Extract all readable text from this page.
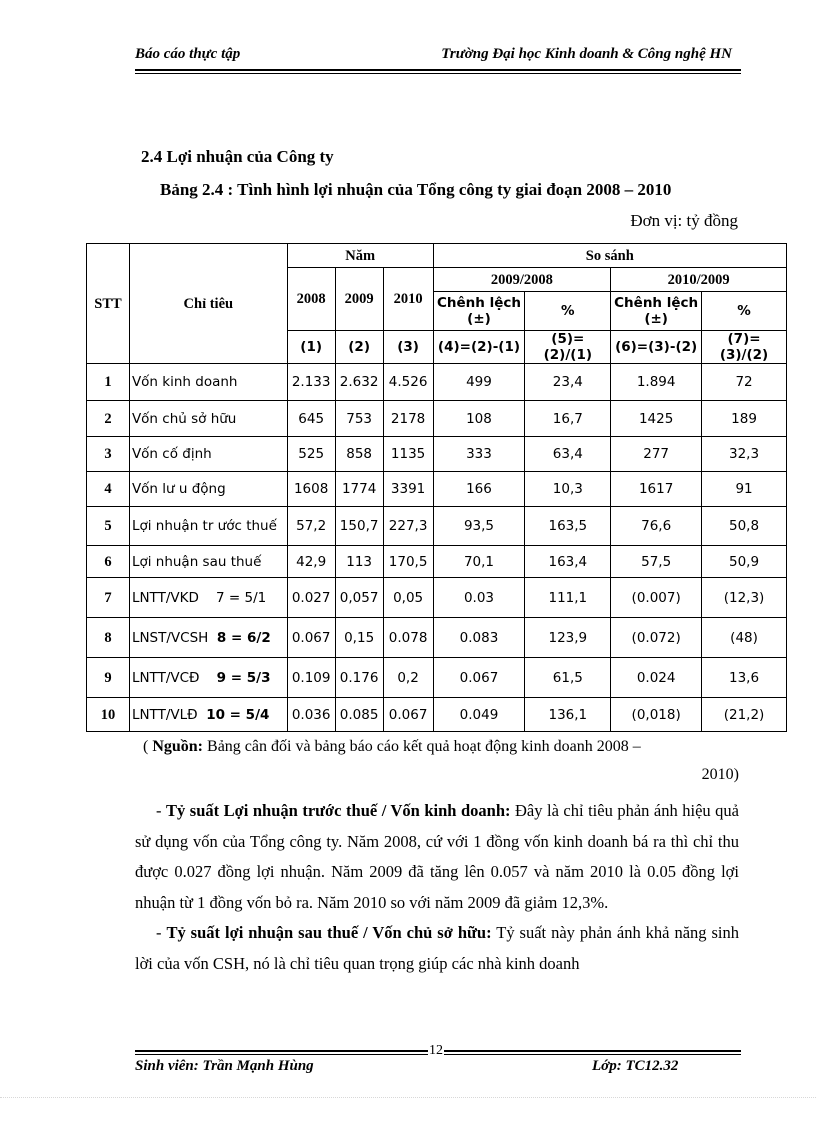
Báo cáo thực tập	Trường Đại học Kinh doanh & Công nghệ HN
2.4 Lợi nhuận của Công ty
Bảng 2.4 : Tình hình lợi nhuận của Tổng công ty giai đoạn 2008 – 2010
Đơn vị: tỷ đồng
STT	Chỉ tiêu	Năm			So sánh			
		2008	2009	2010	2009/2008		2010/2009	
					Chênh lệch (±)	%	Chênh lệch (±)	%
		(1)	(2)	(3)	(4)=(2)-(1)	(5)=(2)/(1)	(6)=(3)-(2)	(7)=(3)/(2)
1	Vốn kinh doanh	2.133	2.632	4.526	499	23,4	1.894	72
2	Vốn chủ sở hữu	645	753	2178	108	16,7	1425	189
3	Vốn cố định	525	858	1135	333	63,4	277	32,3
4	Vốn lư u động	1608	1774	3391	166	10,3	1617	91
5	Lợi nhuận tr ước thuế	57,2	150,7	227,3	93,5	163,5	76,6	50,8
6	Lợi nhuận sau thuế	42,9	113	170,5	70,1	163,4	57,5	50,9
7	LNTT/VKD 7 = 5/1	0.027	0,057	0,05	0.03	111,1	(0.007)	(12,3)
8	LNST/VCSH 8 = 6/2	0.067	0,15	0.078	0.083	123,9	(0.072)	(48)
9	LNTT/VCĐ 9 = 5/3	0.109	0.176	0,2	0.067	61,5	0.024	13,6
10	LNTT/VLĐ 10 = 5/4	0.036	0.085	0.067	0.049	136,1	(0,018)	(21,2)
( Nguồn: Bảng cân đối và bảng báo cáo kết quả hoạt động kinh doanh 2008 –
2010)

- Tỷ suất Lợi nhuận trước thuế / Vốn kinh doanh: Đây là chỉ tiêu phản ánh hiệu quả sử dụng vốn của Tổng công ty. Năm 2008, cứ với 1 đồng vốn kinh doanh bá ra thì chỉ thu được 0.027 đồng lợi nhuận. Năm 2009 đã tăng lên 0.057 và năm 2010 là 0.05 đồng lợi nhuận từ 1 đồng vốn bỏ ra. Năm 2010 so với năm 2009 đã giảm 12,3%.

- Tỷ suất lợi nhuận sau thuế / Vốn chủ sở hữu: Tỷ suất này phản ánh khả năng sinh lời của vốn CSH, nó là chỉ tiêu quan trọng giúp các nhà kinh doanh

12
Sinh viên: Trần Mạnh Hùng	Lớp: TC12.32
